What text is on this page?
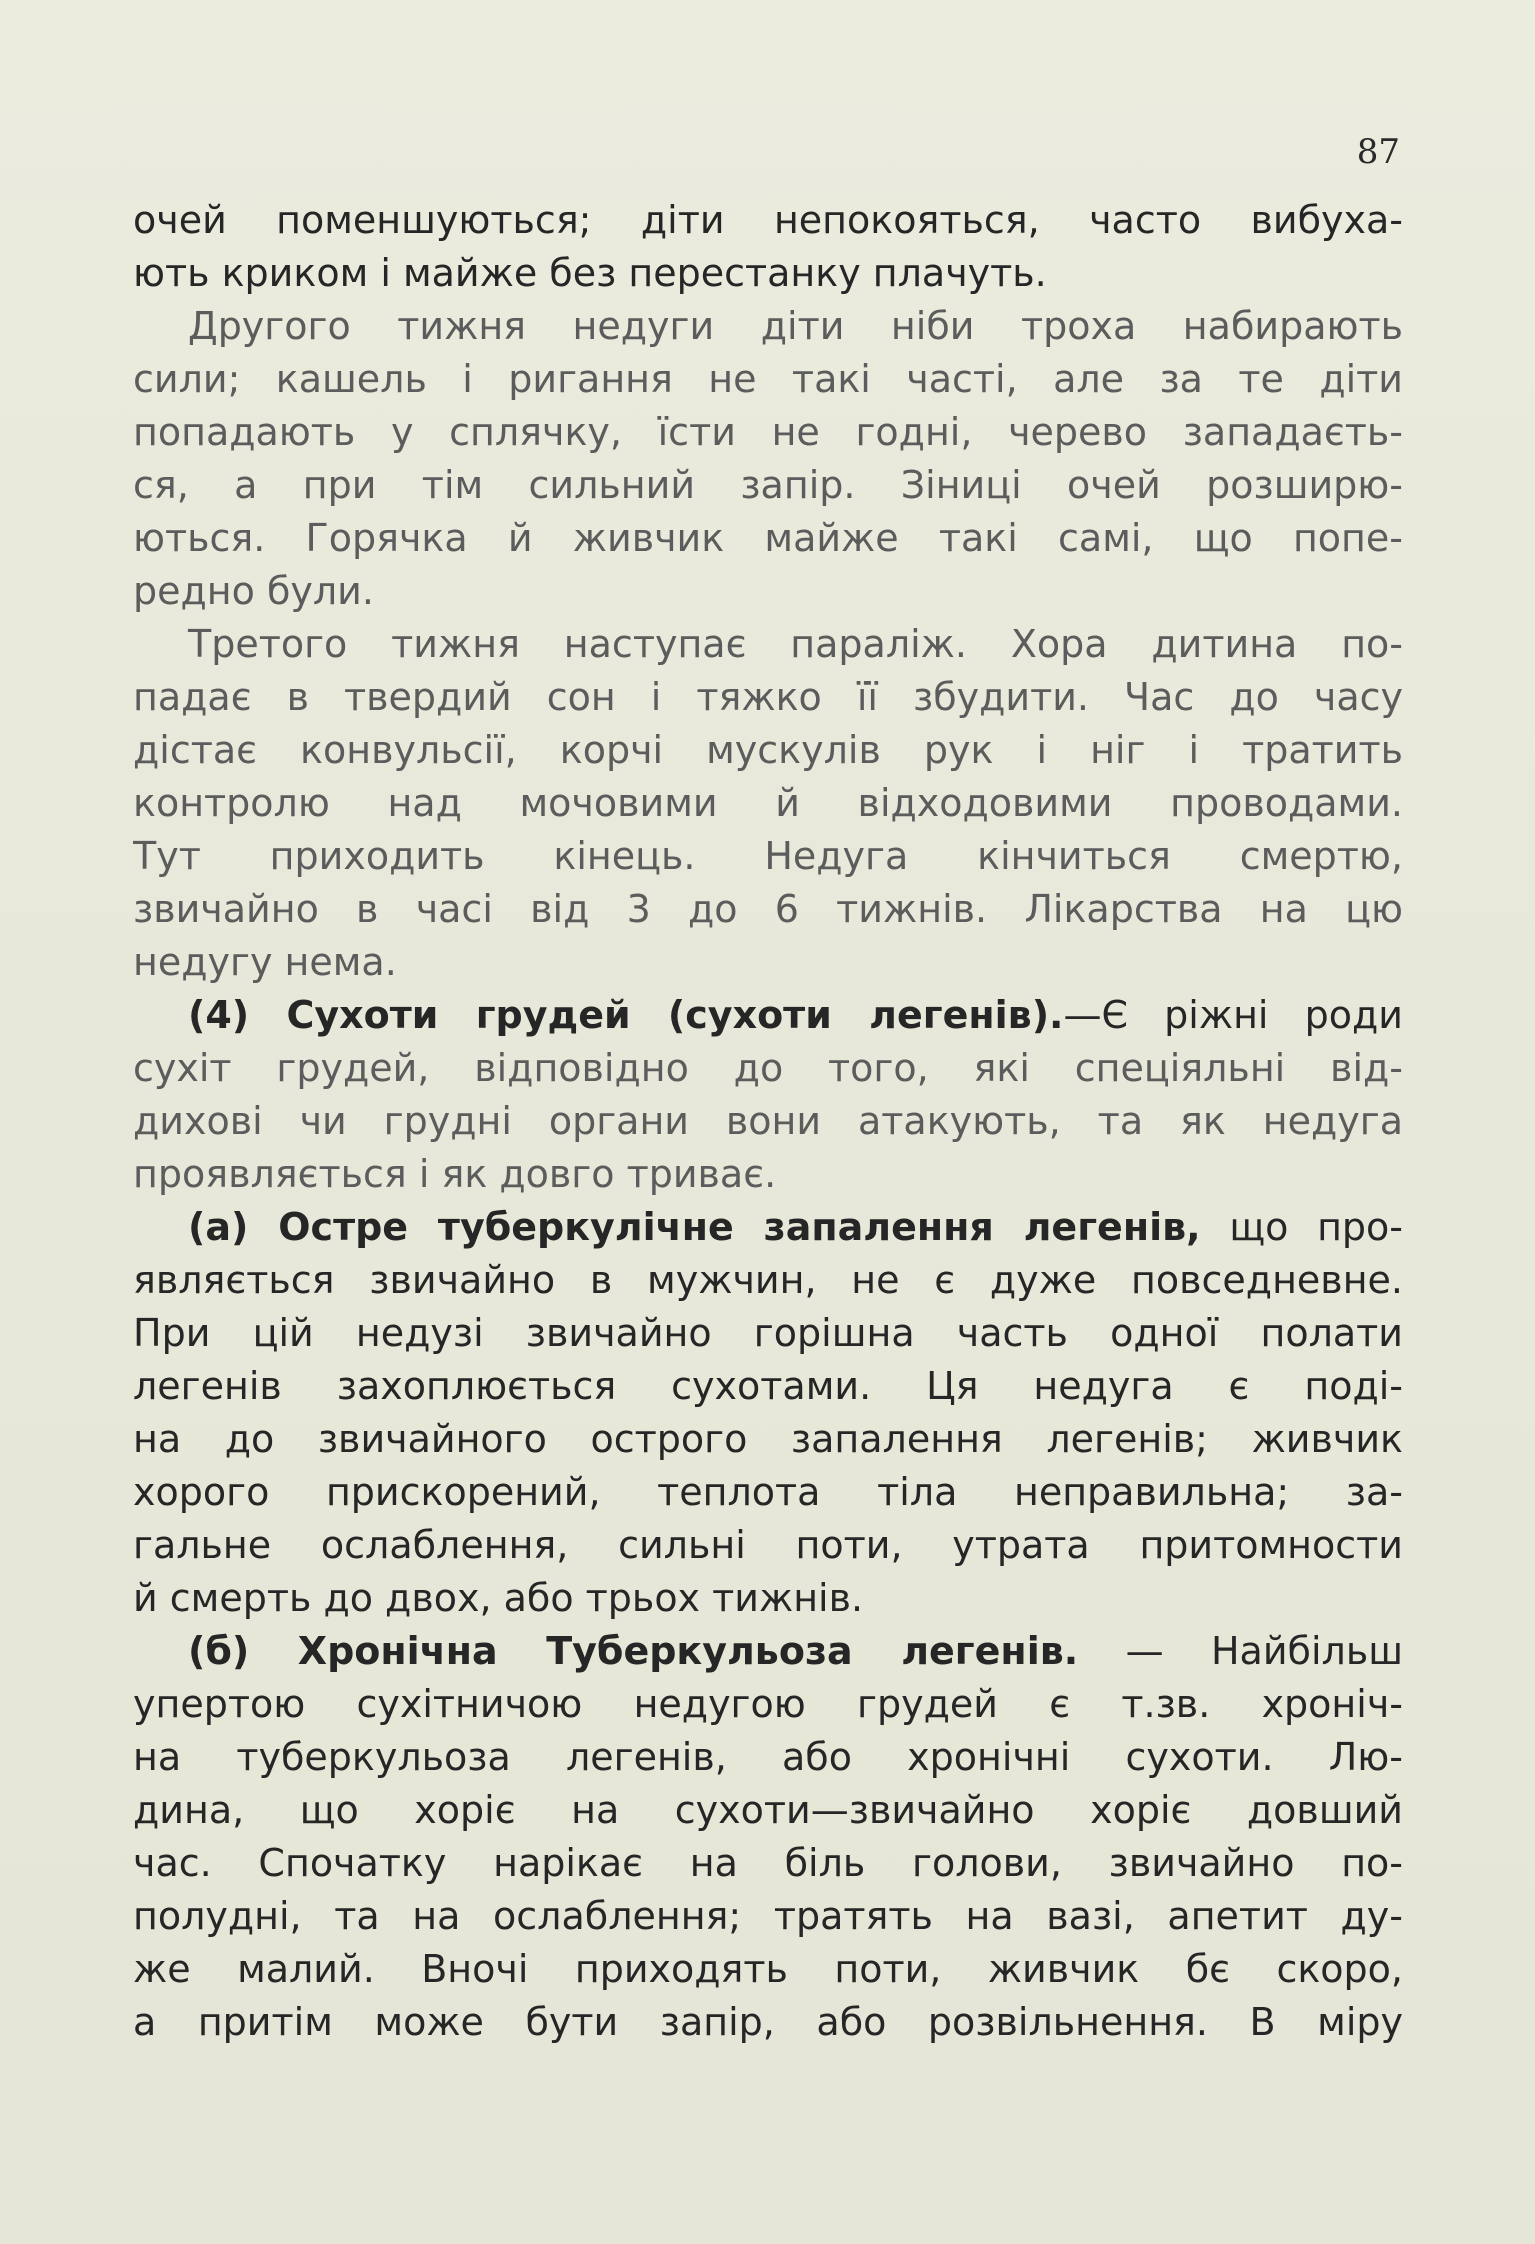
87
очей поменшуються; діти непокояться, часто вибуха-
ють криком і майже без перестанку плачуть.
Другого тижня недуги діти ніби троха набирають
сили; кашель і ригання не такі часті, але за те діти
попадають у сплячку, їсти не годні, черево западаєть-
ся, а при тім сильний запір. Зіниці очей розширю-
ються. Горячка й живчик майже такі самі, що попе-
редно були.
Третого тижня наступає параліж. Хора дитина по-
падає в твердий сон і тяжко її збудити. Час до часу
дістає конвульсії, корчі мускулів рук і ніг і тратить
контролю над мочовими й відходовими проводами.
Тут приходить кінець. Недуга кінчиться смертю,
звичайно в часі від 3 до 6 тижнів. Лікарства на цю
недугу нема.
(4) Сухоти грудей (сухоти легенів).—Є ріжні роди
сухіт грудей, відповідно до того, які спеціяльні від-
дихові чи грудні органи вони атакують, та як недуга
проявляється і як довго триває.
(а) Остре туберкулічне запалення легенів, що про-
являється звичайно в мужчин, не є дуже повседневне.
При цій недузі звичайно горішна часть одної полати
легенів захоплюється сухотами. Ця недуга є поді-
на до звичайного острого запалення легенів; живчик
хорого прискорений, теплота тіла неправильна; за-
гальне ослаблення, сильні поти, утрата притомности
й смерть до двох, або трьох тижнів.
(б) Хронічна Туберкульоза легенів. — Найбільш
упертою сухітничою недугою грудей є т.зв. хроніч-
на туберкульоза легенів, або хронічні сухоти. Лю-
дина, що хоріє на сухоти—звичайно хоріє довший
час. Спочатку нарікає на біль голови, звичайно по-
полудні, та на ослаблення; тратять на вазі, апетит ду-
же малий. Вночі приходять поти, живчик бє скоро,
а притім може бути запір, або розвільнення. В міру
